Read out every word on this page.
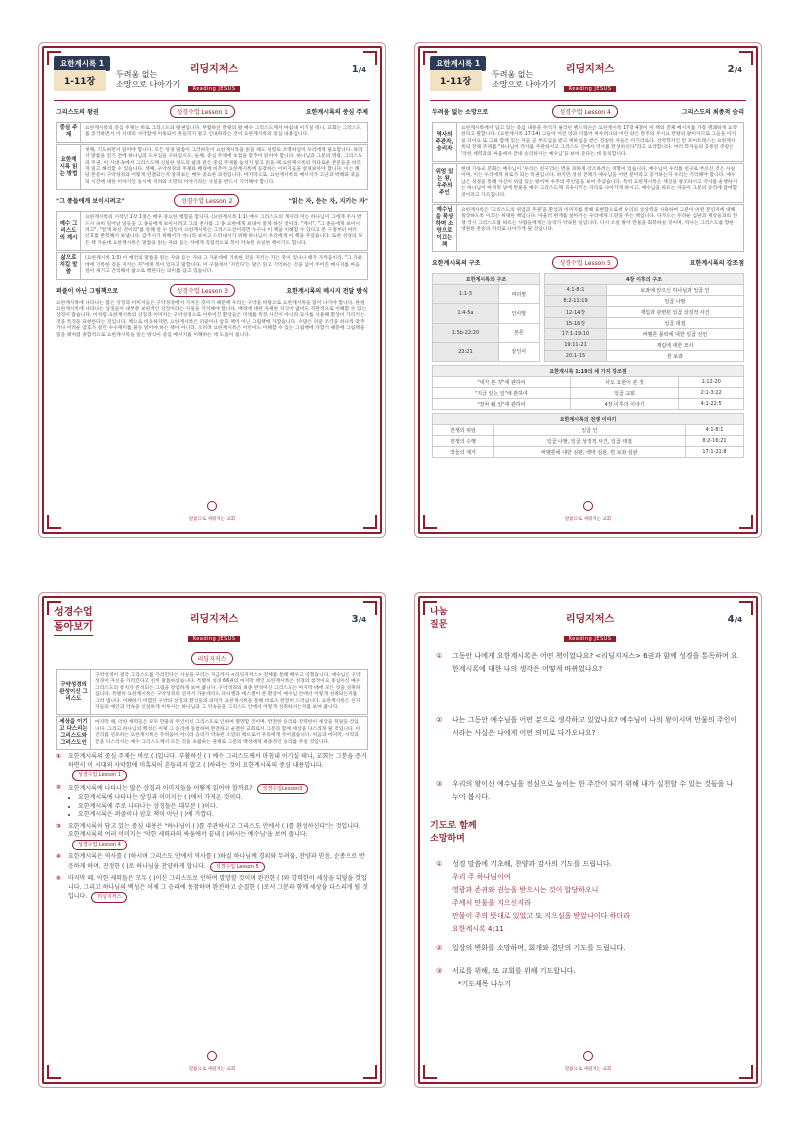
요한계시록 1
1-11장
두려움 없는
소망으로 나아가기
리딩지저스
Reading JESUS
1/4
그리스도의 왕권	성경수업 Lesson 1	요한계시록의 중심 주제
중심 주제
요한계시록의 중심 주제는 바로 그리스도의 왕권입니다. 부활하신 만왕의 왕 예수 그리스도께서 마침내 이기실 테니, 교회는 그리스도를 증거하면서 이 시대의 사악함에 미혹되어 흔들리지 말고 인내하라는 것이 요한계시록의 중심 내용입니다.
요한계시록 읽는 방법
첫째, 기도하면서 읽어야 합니다. 모든 성경 말씀이 그러하듯이 요한계시록을 읽을 때도 성령의 조명하심이 우리에게 필요합니다. 따라서 말씀을 읽기 전에 하나님의 도우심을 구하십시오. 둘째, 중심 주제에 초점을 맞추어 읽어야 합니다. 하나님과 그분의 영광, 그리스도의 주권, 이 시대 속에서 그리스도께 신실한 성도의 삶과 같은 중심 주제를 놓치지 말고 읽을 때 요한계시록의 까다로운 본문들을 바르게 읽고 해석할 수 있습니다. 셋째, 구약성경의 주제와 배경에 비추어 요한계시록에 등장하는 이미지들을 살펴보아야 합니다. 이는 해당 본문이 구약성경과 어떻게 연결되는지 살펴보는 매우 중요한 과정입니다. 마지막으로, 요한계시록의 메시지가 고난과 박해와 죽음의 시간에 대한 이야기인 동시에 격려와 소망의 이야기라는 사실을 반드시 기억해야 합니다.
"그 종들에게 보이시려고"	성경수업 Lesson 2	"읽는 자, 듣는 자, 지키는 자"
예수 그리스도의 계시
요한계시록의 시작인 1장 1절은 매우 중요한 행함을 합니다. (요한계시록 1:1) 예수 그리스도의 계시라 이는 하나님이 그에게 주사 반드시 속히 일어날 일들을 그 종들에게 보이시려고 그의 천사를 그 종 요한에게 보내어 알게 하신 것이라. "계시", "그 종들에게 보이시려고", "알게 하신 것이라"를 통해 알 수 있듯이 요한계시록은 그리스도인이라면 누구나 이 책을 이해할 수 있다고 본 구절부터 여러 신호를 반복해서 보냅니다. 감추시기 위해서가 아니라 보이고 드러내시기 위해 하나님이 우리에게 이 책을 주셨습니다. 또한 성경의 모든 책 가운데 요한계시록은 말씀을 읽는 자와 듣는 자에게 직접적으로 복이 약속된 유일한 책이기도 합니다.
삶으로 지킬 말씀
(요한계시록 1:3) 이 예언의 말씀을 읽는 자와 듣는 자와 그 가운데에 기록한 것을 지키는 자는 복이 있나니 때가 가까움이라. "그 가운데에 기록한 것을 지키는 자"에게 복이 있다고 말합니다. 이 구절에서 '지킨다'는 말은 읽고 기억하는 것을 넘어 주어진 메시지를 마음 깊이 새기고 간직해서 삶으로 행한다는 의미를 담고 있습니다.
퍼즐이 아닌 그림책으로	성경수업 Lesson 3	요한계시록의 메시지 전달 방식
요한계시록에 나타나는 많은 상징과 이미지들은 구약성경에서 가져온 것이기 때문에 우리는 구약을 바탕으로 요한계시록을 읽어 나가야 합니다. 한편 요한계시록에 나타나는 상징들이 대부분 보편적인 상징이라는 사실을 기억해야 합니다. 배경에 대한 자세한 지식이 없어도 직관적으로 이해할 수 있는 상징이 많습니다. 이처럼 요한계시록의 상징과 이미지는 구약성경으로 이루어진 환상들은 미래를 특정 사건이 아니라 묘사를 사용해 환상이 가리키는 것을 특징을 표현한다는 것입니다. 책으로 비유하자면, 요한계시록은 퍼즐이나 암호 책이 아닌 그림책에 가깝습니다. 수많은 퍼즐 조각을 하나씩 맞추거나 어려운 암호가 걸린 수수께끼를 풀듯 읽어야 하는 책이 아니라, 오히려 요한계시록은 어린이도 이해할 수 있는 그림책에 가깝기 때문에 그림책을 읽을 때처럼 종합적으로 요한계시록을 읽는 방식이 중심 메시지를 이해하는 데 도움이 됩니다.
말씀으로 세워지는 교회
요한계시록 1
1-11장
두려움 없는
소망으로 나아가기
리딩지저스
Reading JESUS
2/4
두려움 없는 소망으로	성경수업 Lesson 4	그리스도의 최종적 승리
역사의 주관자, 승리자
요한계시록에서 담고 있는 중심 내용을 주석가 필리핀 헨드릭슨은 요한계시록 17장 4절이 이 책의 전체 메시지를 가장 명쾌하게 요약한다고 말합니다. (요한계시록 17:14) 그들이 어린 양과 더불어 싸우려니와 어린 양은 만주의 주시요 만왕의 왕이시므로 그들을 이기실 터이요 또 그와 함께 있는 자들 곧 부르심을 받고 택하심을 받은 진실한 자들은 이기리로다. 신약학자인 빈 포이트레스는 요한계시록의 전체 주제를 "하나님이 역사를 주관하시고 그리스도 안에서 역사를 완성하신다"라고 요약합니다. 여러 학자들의 공통된 주장은 '악한 세력과의 싸움에서 끝내 승리하시는 예수님'을 보여 준다는 데 동의합니다.
위엄 있는 왕, 우주의 주인
현대 기독교 문화는 예수님이 '우리는 친구'라는 면을 과하게 강조하려는 경향이 있습니다. 예수님이 우리를 친구로 부르신 것은 사실이며, 이는 우리에게 위로가 되는 특권입니다. 하지만 성경 전체가 예수님을 어떤 분이라고 증거하는지 우리는 기억해야 합니다. 예수님은 성경을 통해 자신이 위엄 있는 왕이며 우주의 주인임을 보여 주셨습니다. 특히 요한계시록은 세상을 창조하시고 역사를 운행하시는 하나님이 마지막 날에 만물을 예수 그리스도께 귀속시키는 자리로 나아가게 하시고, 예수님을 따르는 자들이 그분의 승리에 참여할 것이라고 가르칩니다.
예수님을 묵상하며 소망으로 이끄는 책
요한계시록은 '그리스도의 위엄과 주권'을 환상과 이미지를 통해 표현함으로써 우리의 상상력을 사용하여 그분이 어떤 분인지에 대해 묵상하도록 이끄는 위대한 책입니다. 아울러 현재를 살아가는 우리에게 소망을 주는 책입니다. 다가오는 두려운 심판과 재앙들과의 전쟁 역시 그리스도를 따르는 사람들에게는 승리가 약속된 일입니다. 다시 오실 왕이 만물을 회복하실 것이며, 역사는 그리스도를 향한 영원한 찬송의 자리로 나아가게 될 것입니다.
요한계시록의 구조	성경수업 Lesson 5	요한계시록의 강조점
요한계시록의 구조	
1:1-3	머리말
1:4-5a	인사말
1:5b-22:20	본론
22:21	끝인사
4장 이후의 구조	
4:1-8:1	보좌에 앉으신 하나님과 일곱 인
8:2-11:19	일곱 나팔
12-14장	재림과 관련된 일곱 상징적 사건
15-16장	일곱 대접
17:1-19:10	바벨론 몰락에 대한 일곱 선언
19:11-21	재림에 대한 묘사
20:1-15	흰 보좌
요한계시록 1:19의 세 가지 강조점		
"네가 본 것"에 관하여	사도 요한이 본 것	1:12-20
"지금 있는 일"에 관하여	일곱 교회	2:1-3:22
"장차 될 일"에 관하여	4장 이후의 이야기	4:1-22:5
요한계시록의 전쟁 이야기		
전쟁의 위임	일곱 인	4:1-8:1
전쟁의 수행	일곱 나팔, 일곱 상징적 사건, 일곱 대접	8:2-16:21
적들의 제거	바벨론에 대한 심판, 백마 심판, 흰 보좌 심판	17:1-21:8
말씀으로 세워지는 교회
리딩지저스
Reading JESUS
3/4
성경수업
돌아보기
리딩지저스
구약성경의 완성이신 그리스도
구약성경이 결국 그리스도를 가리킨다는 사실을 우리는 지금까지 <리딩지저스> 전체를 통해 배우고 익혔습니다. 예수님은 구약성경이 자신을 가리킨다고 친히 말씀하셨습니다. 특별히 성경 66권의 마지막 책인 요한계시록은 성경의 첨정이요 중심이신 예수 그리스도의 통치가 완성되는 그림을 장엄하게 보여 줍니다. 구약성경의 최종 완성이신 그리스도는 마지막 때에 모든 것을 성취하십니다. 특별히 요한계시록은 구약성경의 선지서 가운데서도 다니엘과 에스겔이 본 환상이 예수님 안에서 어떻게 성취되는지를 그려 냅니다. 이해하기 어렵던 구약의 상징과 환상들의 의미가 요한계시록을 통해 비로소 완전히 드러납니다. 요한계시록은 선지자들의 예언과 약속을 신실하게 이루시는 하나님과 그 약속들을 그리스도 안에서 어떻게 성취하시는지를 보여 줍니다.
세상을 이기고 다스리는 그리스도와 그리스도인
마지막 때, 악한 세력들은 모두 만물의 주인이신 그리스도로 인하여 멸망할 것이며, 완전한 승리와 강력한이 세상을 뒤덮을 것입니다. 그리고 하나님의 백성은 이제 그 승리에 동참하며 완전하고 순결한 교회로서 그분과 함께 세상을 다스리게 될 것입니다. 이 진리를 선포하는 요한계시록은 두려움이 아니라 승리가 약속된 소망의 책으로서 우리에게 주어졌습니다. 처음과 마지막, 시작과 끝을 다스리시는 예수 그리스도께서 모든 것을 초월하는 권세로 그분의 백성에게 최종적인 승리를 주실 것입니다.
①	요한계시록의 중심 주제는 바로 ( )입니다. 부활하신 ( ) 예수 그리스도께서 마침내 이기실 테니, 교회는 그분을 증거하면서 이 시대의 사악함에 미혹되어 흔들리지 말고 ( )하라는 것이 요한계시록의 중심 내용입니다.
성경수업 Lesson 1
②	요한계시록에 나타나는 많은 상징과 이미지들을 어떻게 읽어야 할까요? 성경수업Lesson3
• 요한계시록에 나타나는 상징과 이미지는 ( )에서 가져온 것이다.
• 요한계시록에 주로 나타나는 상징들은 대부분 ( )이다.
• 요한계시록은 퍼즐이나 암호 책이 아닌 ( )에 가깝다.
③	요한계시록이 담고 있는 중심 내용은 "하나님이 ( )를 주관하시고 그리스도 안에서 ( )를 완성하신다"는 것입니다. 요한계시록의 여러 이미지는 '악한 세력과의 싸움에서 끝내 ( )하시는 예수님'을 보여 줍니다.
성경수업 Lesson 4
④	요한계시록은 역사를 ( )하시며 그리스도 안에서 역사를 ( )하실 하나님께 경외와 두려움, 찬양과 믿음, 순종으로 반응하게 하며, 진정한 ( )로 하나님을 찬양하게 합니다. 성경수업 Lesson 5
⑤	마지막 때, 악한 세력들은 모두 ( )이신 그리스도로 인하여 멸망할 것이며 완전한 ( )와 강력한이 세상을 뒤덮을 것입니다. 그리고 하나님의 백성은 이제 그 승리에 동참하며 완전하고 순결한 ( )로서 그분과 함께 세상을 다스리게 될 것입니다. 리딩지저스
말씀으로 세워지는 교회
리딩지저스
Reading JESUS
4/4
나눔
질문
①	그동안 나에게 요한계시록은 어떤 책이었나요? <리딩지저스> 6권과 함께 성경을 통독하며 요한계시록에 대한 나의 생각은 어떻게 바뀌었나요?
②	나는 그동안 예수님을 어떤 분으로 생각하고 있었나요? 예수님이 나의 왕이시며 만물의 주인이시라는 사실은 나에게 어떤 의미로 다가오나요?
③	우리의 왕이신 예수님을 전심으로 높이는 한 주간이 되기 위해 내가 실천할 수 있는 것들을 나누어 봅시다.
기도로 함께
소망하며
①	성경 말씀에 기초해, 찬양과 감사의 기도를 드립니다.
우리 주 하나님이여
영광과 존귀와 권능을 받으시는 것이 합당하오니
주께서 만물을 지으신지라
만물이 주의 뜻대로 있었고 또 지으심을 받았나이다 하더라
요한계시록 4:11
②	일상의 변화를 소망하며, 회개와 결단의 기도를 드립니다.
③	서로를 위해, 또 교회를 위해 기도합니다.
*기도제목 나누기
말씀으로 세워지는 교회
